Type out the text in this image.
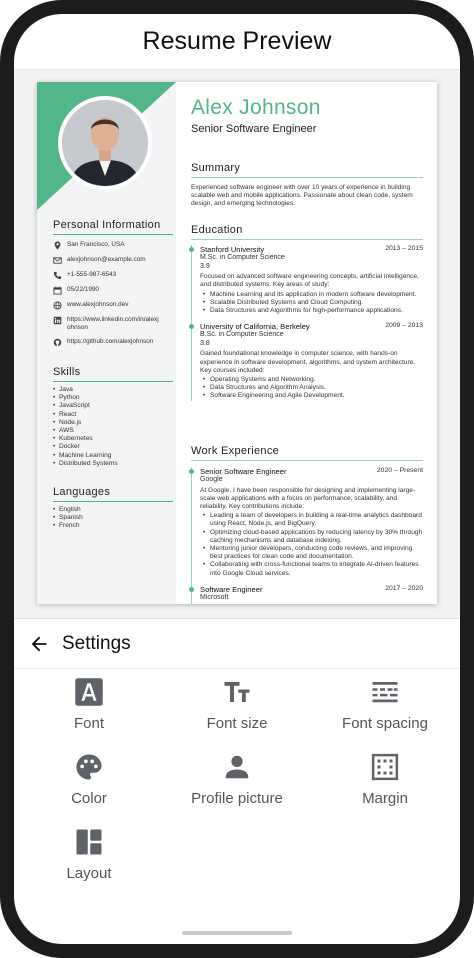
Resume Preview
Personal Information
San Francisco, USA
alexjohnson@example.com
+1-555-987-6543
05/22/1990
www.alexjohnson.dev
https://www.linkedin.com/in/alexjohnson
https://github.com/alexjohnson
Skills
• Java
• Python
• JavaScript
• React
• Node.js
• AWS
• Kubernetes
• Docker
• Machine Learning
• Distributed Systems
Languages
• English
• Spanish
• French
Alex Johnson
Senior Software Engineer
Summary
Experienced software engineer with over 10 years of experience in building scalable web and mobile applications. Passionate about clean code, system design, and emerging technologies.
Education
Stanford University	2013 – 2015
M.Sc. in Computer Science
3.9
Focused on advanced software engineering concepts, artificial intelligence, and distributed systems. Key areas of study:
• Machine Learning and its application in modern software development.
• Scalable Distributed Systems and Cloud Computing.
• Data Structures and Algorithms for high-performance applications.
University of California, Berkeley	2009 – 2013
B.Sc. in Computer Science
3.8
Gained foundational knowledge in computer science, with hands-on experience in software development, algorithms, and system architecture. Key courses included:
• Operating Systems and Networking.
• Data Structures and Algorithm Analysis.
• Software Engineering and Agile Development.
Work Experience
Senior Software Engineer	2020 – Present
Google
At Google, I have been responsible for designing and implementing large-scale web applications with a focus on performance, scalability, and reliability. Key contributions include:
• Leading a team of developers in building a real-time analytics dashboard using React, Node.js, and BigQuery.
• Optimizing cloud-based applications by reducing latency by 30% through caching mechanisms and database indexing.
• Mentoring junior developers, conducting code reviews, and improving best practices for clean code and documentation.
• Collaborating with cross-functional teams to integrate AI-driven features into Google Cloud services.
Software Engineer	2017 – 2020
Microsoft
Settings
Font	Font size	Font spacing
Color	Profile picture	Margin
Layout
